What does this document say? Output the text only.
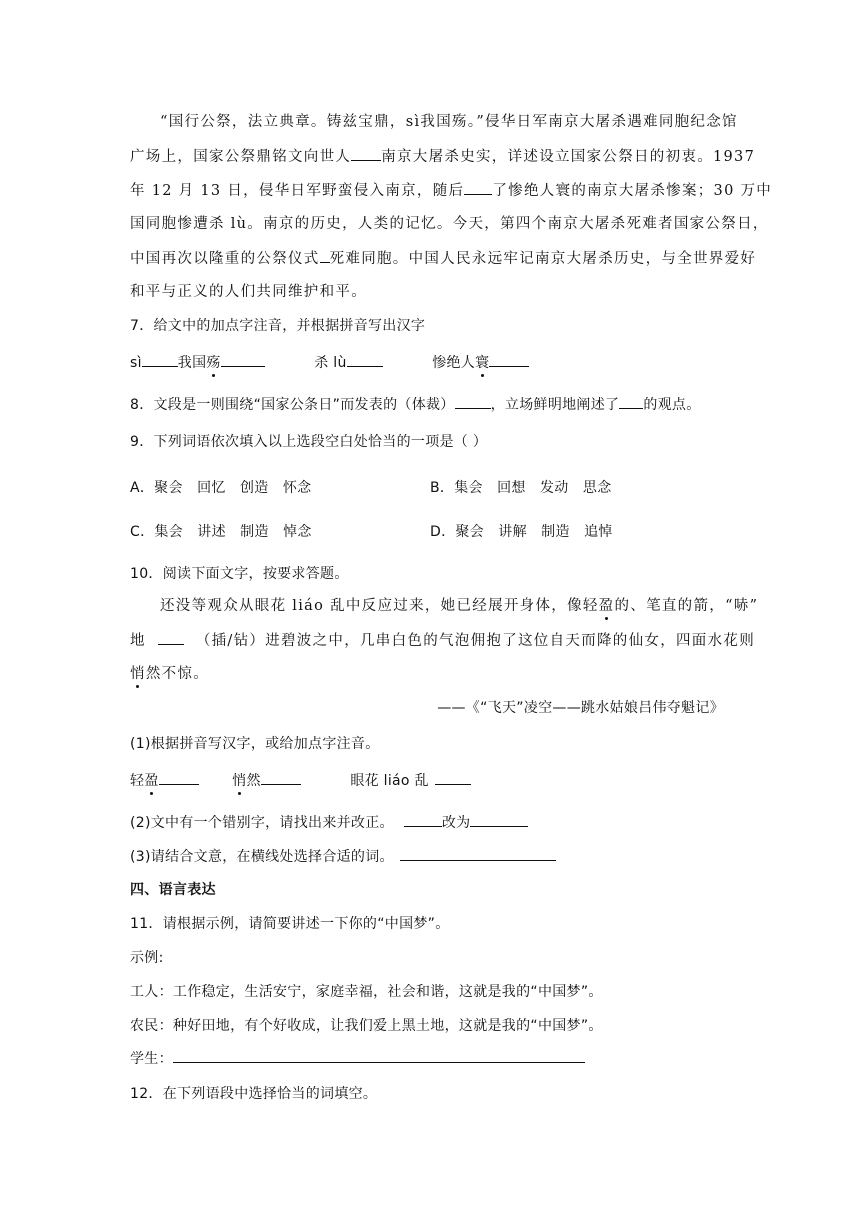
“国行公祭，法立典章。铸兹宝鼎，sì我国殇。”侵华日军南京大屠杀遇难同胞纪念馆
广场上，国家公祭鼎铭文向世人 南京大屠杀史实，详述设立国家公祭日的初衷。1937
年 12 月 13 日，侵华日军野蛮侵入南京，随后 了惨绝人寰的南京大屠杀惨案；30 万中
国同胞惨遭杀 lù。南京的历史，人类的记忆。今天，第四个南京大屠杀死难者国家公祭日，
中国再次以隆重的公祭仪式 死难同胞。中国人民永远牢记南京大屠杀历史，与全世界爱好
和平与正义的人们共同维护和平。
7．给文中的加点字注音，并根据拼音写出汉字
sì	我国殇	杀 lù	惨绝人寰
8．文段是一则围绕“国家公条日”而发表的（体裁）	，立场鲜明地阐述了 的观点。
9．下列词语依次填入以上选段空白处恰当的一项是（ ）
A．聚会　回忆　创造　怀念	B．集会　回想　发动　思念
C．集会　讲述　制造　悼念	D．聚会　讲解　制造　追悼
10．阅读下面文字，按要求答题。
还没等观众从眼花 liáo 乱中反应过来，她已经展开身体，像轻盈的、笔直的箭，“哧”
地	（插/钻）进碧波之中，几串白色的气泡佣抱了这位自天而降的仙女，四面水花则
悄然不惊。
——《“飞天”凌空——跳水姑娘吕伟夺魁记》
(1)根据拼音写汉字，或给加点字注音。
轻盈	悄然	眼花 liáo 乱
(2)文中有一个错别字，请找出来并改正。	改为
(3)请结合文意，在横线处选择合适的词。
四、语言表达
11．请根据示例，请简要讲述一下你的“中国梦”。
示例:
工人：工作稳定，生活安宁，家庭幸福，社会和谐，这就是我的“中国梦”。
农民：种好田地，有个好收成，让我们爱上黑土地，这就是我的“中国梦”。
学生：
12．在下列语段中选择恰当的词填空。
